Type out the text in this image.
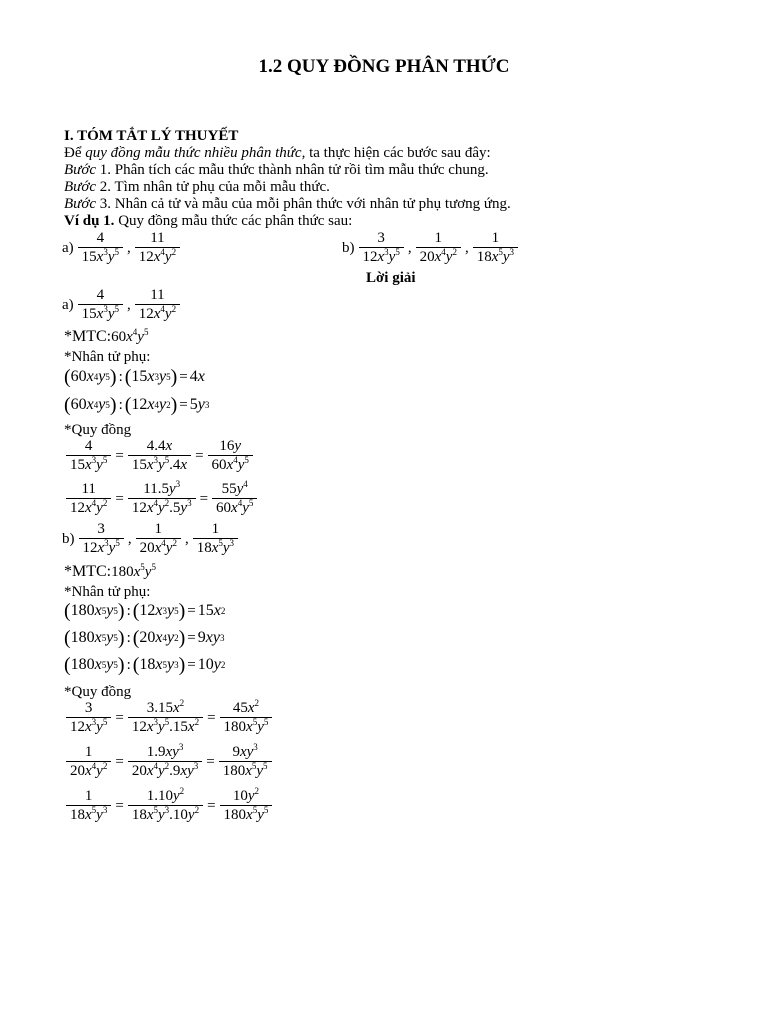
1.2 QUY ĐỒNG PHÂN THỨC
I. TÓM TẮT LÝ THUYẾT
Để quy đồng mẫu thức nhiều phân thức, ta thực hiện các bước sau đây:
Bước 1. Phân tích các mẫu thức thành nhân tử rồi tìm mẫu thức chung.
Bước 2. Tìm nhân tử phụ của mỗi mẫu thức.
Bước 3. Nhân cả tử và mẫu của mỗi phân thức với nhân tử phụ tương ứng.
Ví dụ 1. Quy đồng mẫu thức các phân thức sau:
$a) \frac{4}{15x^3y^5}$ , $\frac{11}{12x^4y^2}$	$b) \frac{3}{12x^3y^5}$ , $\frac{1}{20x^4y^2}$ , $\frac{1}{18x^5y^3}$
Lời giải
$a) \frac{4}{15x^3y^5}$ , $\frac{11}{12x^4y^2}$
*MTC: $60x^4y^5$
*Nhân tử phụ:
( 60 x 4 y 5 ) : ( 15 x 3 y 5 ) = 4 x
( 60 x 4 y 5 ) : ( 12 x 4 y 2 ) = 5 y 3
*Quy đồng
$\frac{4}{15x^3y^5} = \frac{4.4x}{15x^3y^5.4x} = \frac{16y}{60x^4y^5}$
$\frac{11}{12x^4y^2} = \frac{11.5y^3}{12x^4y^2.5y^3} = \frac{55y^4}{60x^4y^5}$
$b) \frac{3}{12x^3y^5}$ , $\frac{1}{20x^4y^2}$ , $\frac{1}{18x^5y^3}$
*MTC: $180x^5y^5$
*Nhân tử phụ:
( 180 x 5 y 5 ) : ( 12 x 3 y 5 ) = 15 x 2
( 180 x 5 y 5 ) : ( 20 x 4 y 2 ) = 9 xy 3
( 180 x 5 y 5 ) : ( 18 x 5 y 3 ) = 10 y 2
*Quy đồng
$\frac{3}{12x^3y^5} = \frac{3.15x^2}{12x^3y^5.15x^2} = \frac{45x^2}{180x^5y^5}$
$\frac{1}{20x^4y^2} = \frac{1.9xy^3}{20x^4y^2.9xy^3} = \frac{9xy^3}{180x^5y^5}$
$\frac{1}{18x^5y^3} = \frac{1.10y^2}{18x^5y^3.10y^2} = \frac{10y^2}{180x^5y^5}$
